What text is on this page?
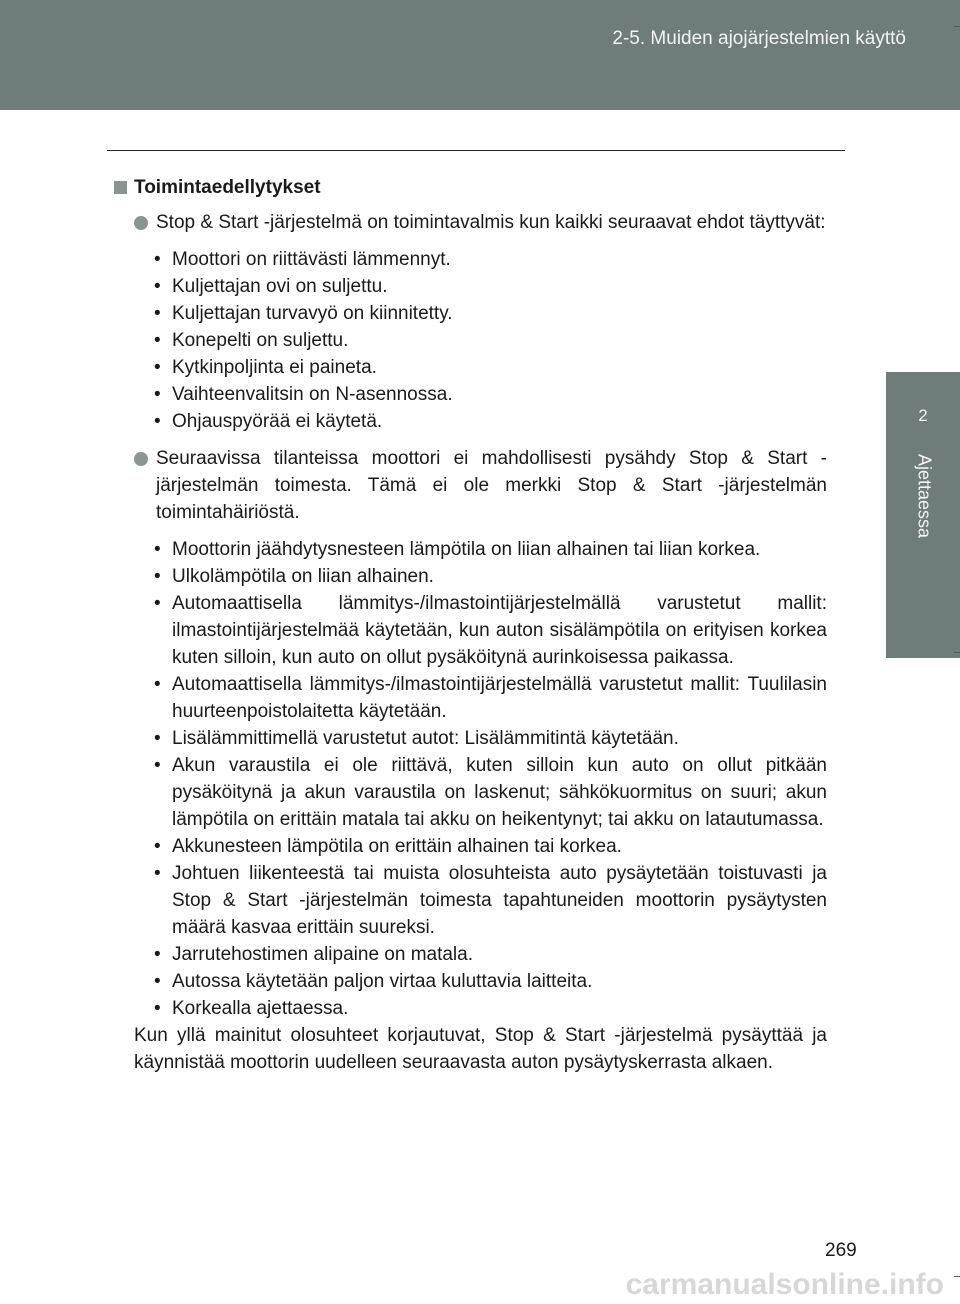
2-5. Muiden ajojärjestelmien käyttö
2
Ajettaessa
Toimintaedellytykset
Stop & Start -järjestelmä on toimintavalmis kun kaikki seuraavat ehdot täyttyvät:
• Moottori on riittävästi lämmennyt.
• Kuljettajan ovi on suljettu.
• Kuljettajan turvavyö on kiinnitetty.
• Konepelti on suljettu.
• Kytkinpoljinta ei paineta.
• Vaihteenvalitsin on N-asennossa.
• Ohjauspyörää ei käytetä.
Seuraavissa tilanteissa moottori ei mahdollisesti pysähdy Stop & Start -järjestelmän toimesta. Tämä ei ole merkki Stop & Start -järjestelmän toimintahäiriöstä.
• Moottorin jäähdytysnesteen lämpötila on liian alhainen tai liian korkea.
• Ulkolämpötila on liian alhainen.
• Automaattisella lämmitys-/ilmastointijärjestelmällä varustetut mallit: ilmastointijärjestelmää käytetään, kun auton sisälämpötila on erityisen korkea kuten silloin, kun auto on ollut pysäköitynä aurinkoisessa paikassa.
• Automaattisella lämmitys-/ilmastointijärjestelmällä varustetut mallit: Tuulilasin huurteenpoistolaitetta käytetään.
• Lisälämmittimellä varustetut autot: Lisälämmitintä käytetään.
• Akun varaustila ei ole riittävä, kuten silloin kun auto on ollut pitkään pysäköitynä ja akun varaustila on laskenut; sähkökuormitus on suuri; akun lämpötila on erittäin matala tai akku on heikentynyt; tai akku on latautumassa.
• Akkunesteen lämpötila on erittäin alhainen tai korkea.
• Johtuen liikenteestä tai muista olosuhteista auto pysäytetään toistuvasti ja Stop & Start -järjestelmän toimesta tapahtuneiden moottorin pysäytysten määrä kasvaa erittäin suureksi.
• Jarrutehostimen alipaine on matala.
• Autossa käytetään paljon virtaa kuluttavia laitteita.
• Korkealla ajettaessa.

Kun yllä mainitut olosuhteet korjautuvat, Stop & Start -järjestelmä pysäyttää ja käynnistää moottorin uudelleen seuraavasta auton pysäytyskerrasta alkaen.

269
carmanualsonline.info
